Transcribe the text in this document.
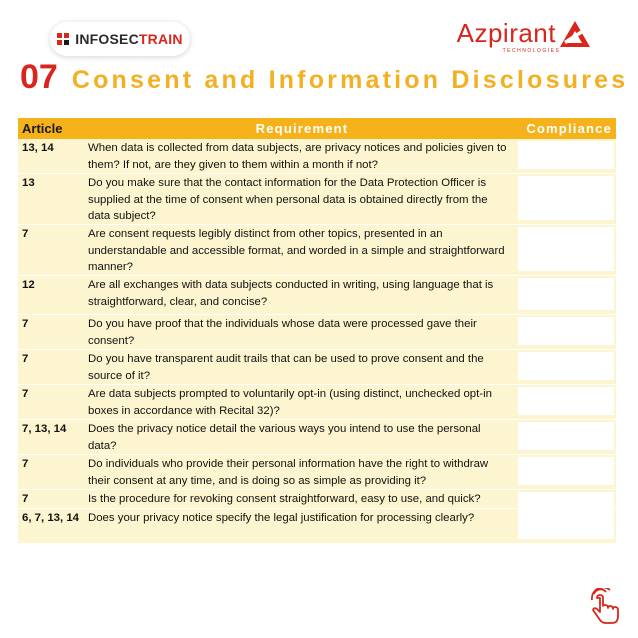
INFOSECTRAIN	Azpirant
TECHNOLOGIES
07 Consent and Information Disclosures
Article	Requirement	Compliance
13, 14	When data is collected from data subjects, are privacy notices and policies given to them? If not, are they given to them within a month if not?
13	Do you make sure that the contact information for the Data Protection Officer is supplied at the time of consent when personal data is obtained directly from the data subject?
7	Are consent requests legibly distinct from other topics, presented in an understandable and accessible format, and worded in a simple and straightforward manner?
12	Are all exchanges with data subjects conducted in writing, using language that is straightforward, clear, and concise?
7	Do you have proof that the individuals whose data were processed gave their consent?
7	Do you have transparent audit trails that can be used to prove consent and the source of it?
7	Are data subjects prompted to voluntarily opt-in (using distinct, unchecked opt-in boxes in accordance with Recital 32)?
7, 13, 14	Does the privacy notice detail the various ways you intend to use the personal data?
7	Do individuals who provide their personal information have the right to withdraw their consent at any time, and is doing so as simple as providing it?
7	Is the procedure for revoking consent straightforward, easy to use, and quick?
6, 7, 13, 14 Does your privacy notice specify the legal justification for processing clearly?
